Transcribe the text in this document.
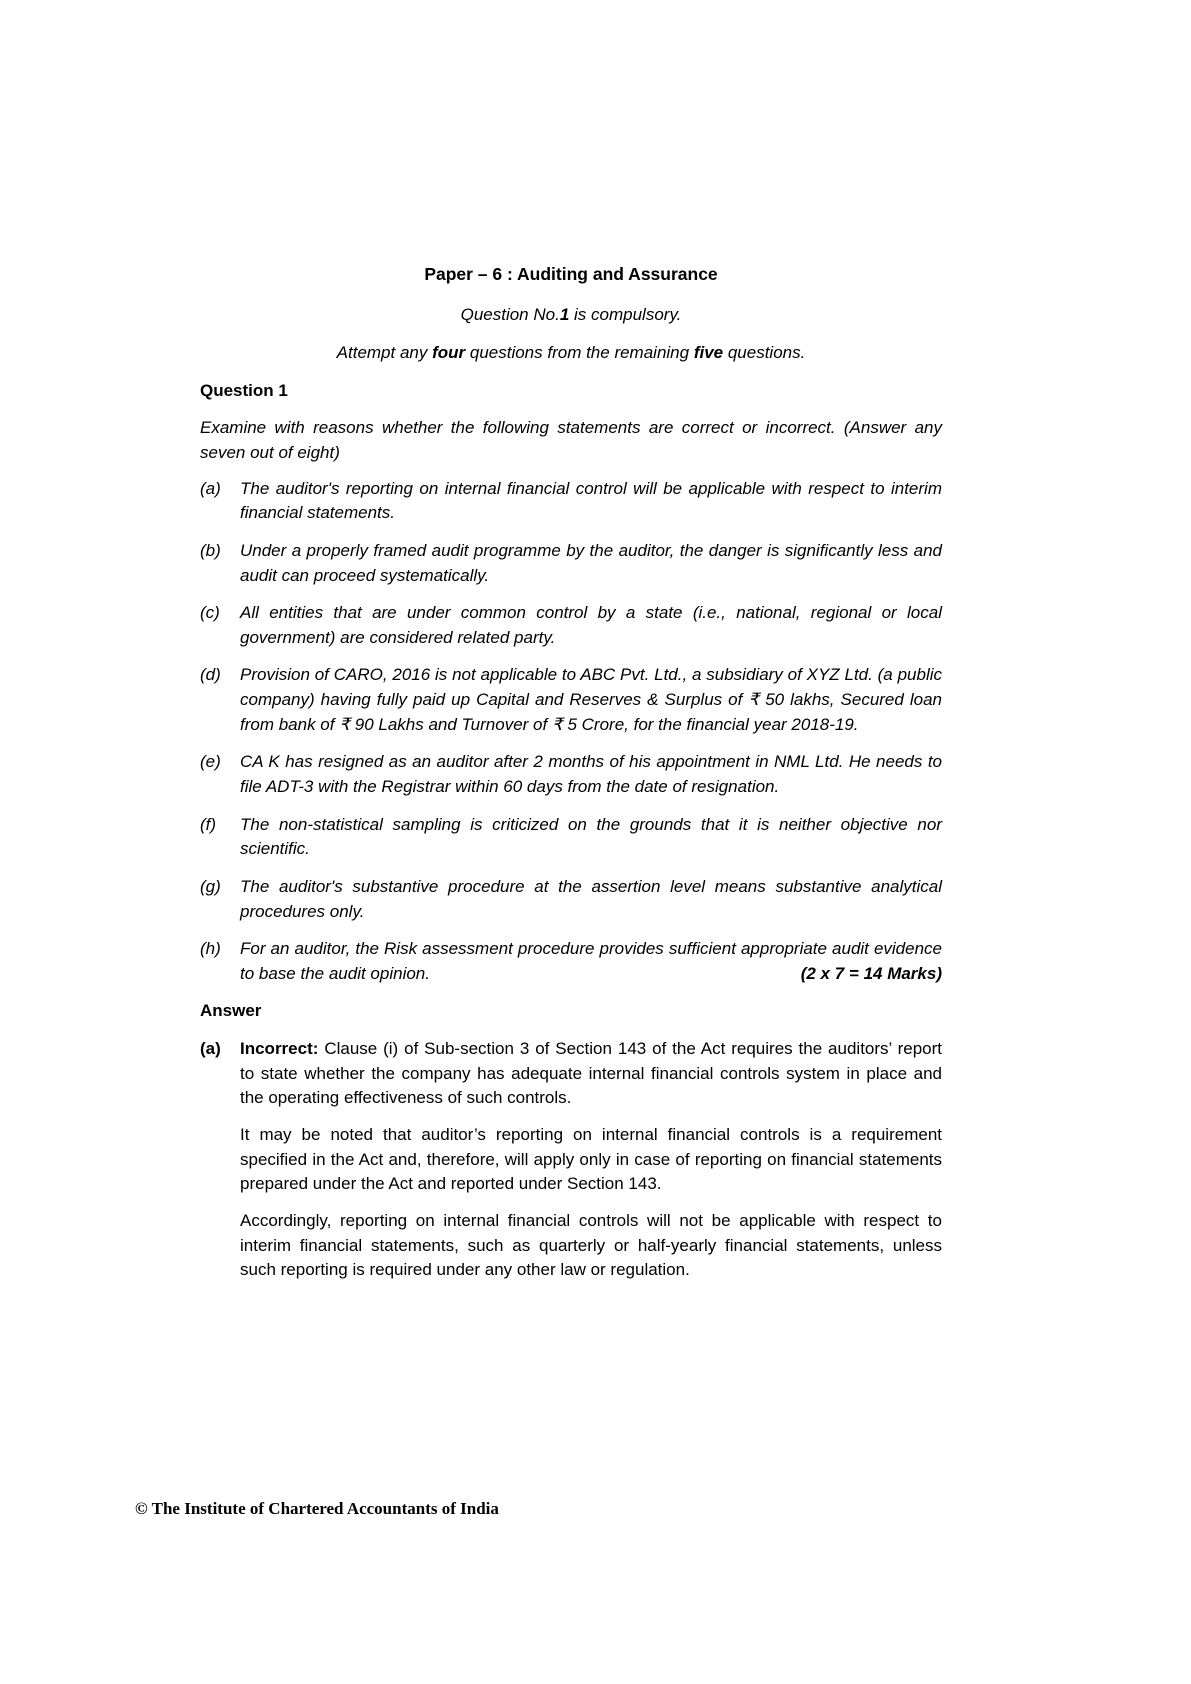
Paper – 6 : Auditing and Assurance
Question No.1 is compulsory.
Attempt any four questions from the remaining five questions.
Question 1
Examine with reasons whether the following statements are correct or incorrect. (Answer any seven out of eight)
(a) The auditor's reporting on internal financial control will be applicable with respect to interim financial statements.
(b) Under a properly framed audit programme by the auditor, the danger is significantly less and audit can proceed systematically.
(c) All entities that are under common control by a state (i.e., national, regional or local government) are considered related party.
(d) Provision of CARO, 2016 is not applicable to ABC Pvt. Ltd., a subsidiary of XYZ Ltd. (a public company) having fully paid up Capital and Reserves & Surplus of ₹ 50 lakhs, Secured loan from bank of ₹ 90 Lakhs and Turnover of ₹ 5 Crore, for the financial year 2018-19.
(e) CA K has resigned as an auditor after 2 months of his appointment in NML Ltd. He needs to file ADT-3 with the Registrar within 60 days from the date of resignation.
(f) The non-statistical sampling is criticized on the grounds that it is neither objective nor scientific.
(g) The auditor's substantive procedure at the assertion level means substantive analytical procedures only.
(h) For an auditor, the Risk assessment procedure provides sufficient appropriate audit evidence to base the audit opinion.	(2 x 7 = 14 Marks)
Answer
(a) Incorrect: Clause (i) of Sub-section 3 of Section 143 of the Act requires the auditors’ report to state whether the company has adequate internal financial controls system in place and the operating effectiveness of such controls.

It may be noted that auditor’s reporting on internal financial controls is a requirement specified in the Act and, therefore, will apply only in case of reporting on financial statements prepared under the Act and reported under Section 143.

Accordingly, reporting on internal financial controls will not be applicable with respect to interim financial statements, such as quarterly or half-yearly financial statements, unless such reporting is required under any other law or regulation.

© The Institute of Chartered Accountants of India
